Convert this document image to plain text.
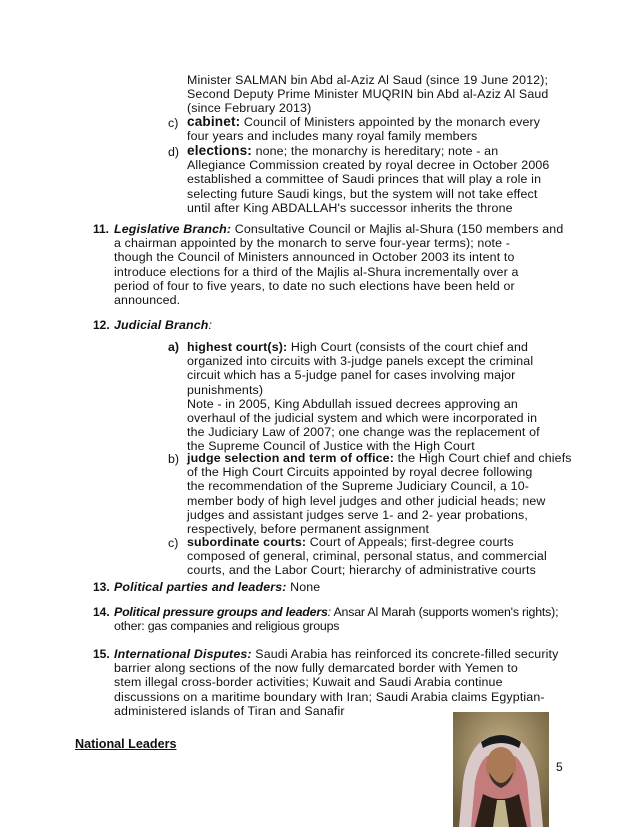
Minister SALMAN bin Abd al-Aziz Al Saud (since 19 June 2012);
Second Deputy Prime Minister MUQRIN bin Abd al-Aziz Al Saud
(since February 2013)
c) cabinet: Council of Ministers appointed by the monarch every
four years and includes many royal family members
d) elections: none; the monarchy is hereditary; note - an
Allegiance Commission created by royal decree in October 2006
established a committee of Saudi princes that will play a role in
selecting future Saudi kings, but the system will not take effect
until after King ABDALLAH's successor inherits the throne
11. Legislative Branch: Consultative Council or Majlis al-Shura (150 members and
a chairman appointed by the monarch to serve four-year terms); note -
though the Council of Ministers announced in October 2003 its intent to
introduce elections for a third of the Majlis al-Shura incrementally over a
period of four to five years, to date no such elections have been held or
announced.
12. Judicial Branch:
a) highest court(s): High Court (consists of the court chief and
organized into circuits with 3-judge panels except the criminal
circuit which has a 5-judge panel for cases involving major
punishments)
Note - in 2005, King Abdullah issued decrees approving an
overhaul of the judicial system and which were incorporated in
the Judiciary Law of 2007; one change was the replacement of
the Supreme Council of Justice with the High Court
b) judge selection and term of office: the High Court chief and chiefs
of the High Court Circuits appointed by royal decree following
the recommendation of the Supreme Judiciary Council, a 10-
member body of high level judges and other judicial heads; new
judges and assistant judges serve 1- and 2- year probations,
respectively, before permanent assignment
c) subordinate courts: Court of Appeals; first-degree courts
composed of general, criminal, personal status, and commercial
courts, and the Labor Court; hierarchy of administrative courts
13. Political parties and leaders: None
14. Political pressure groups and leaders: Ansar Al Marah (supports women's rights);
other: gas companies and religious groups
15. International Disputes: Saudi Arabia has reinforced its concrete-filled security
barrier along sections of the now fully demarcated border with Yemen to
stem illegal cross-border activities; Kuwait and Saudi Arabia continue
discussions on a maritime boundary with Iran; Saudi Arabia claims Egyptian-
administered islands of Tiran and Sanafir
National Leaders
5
